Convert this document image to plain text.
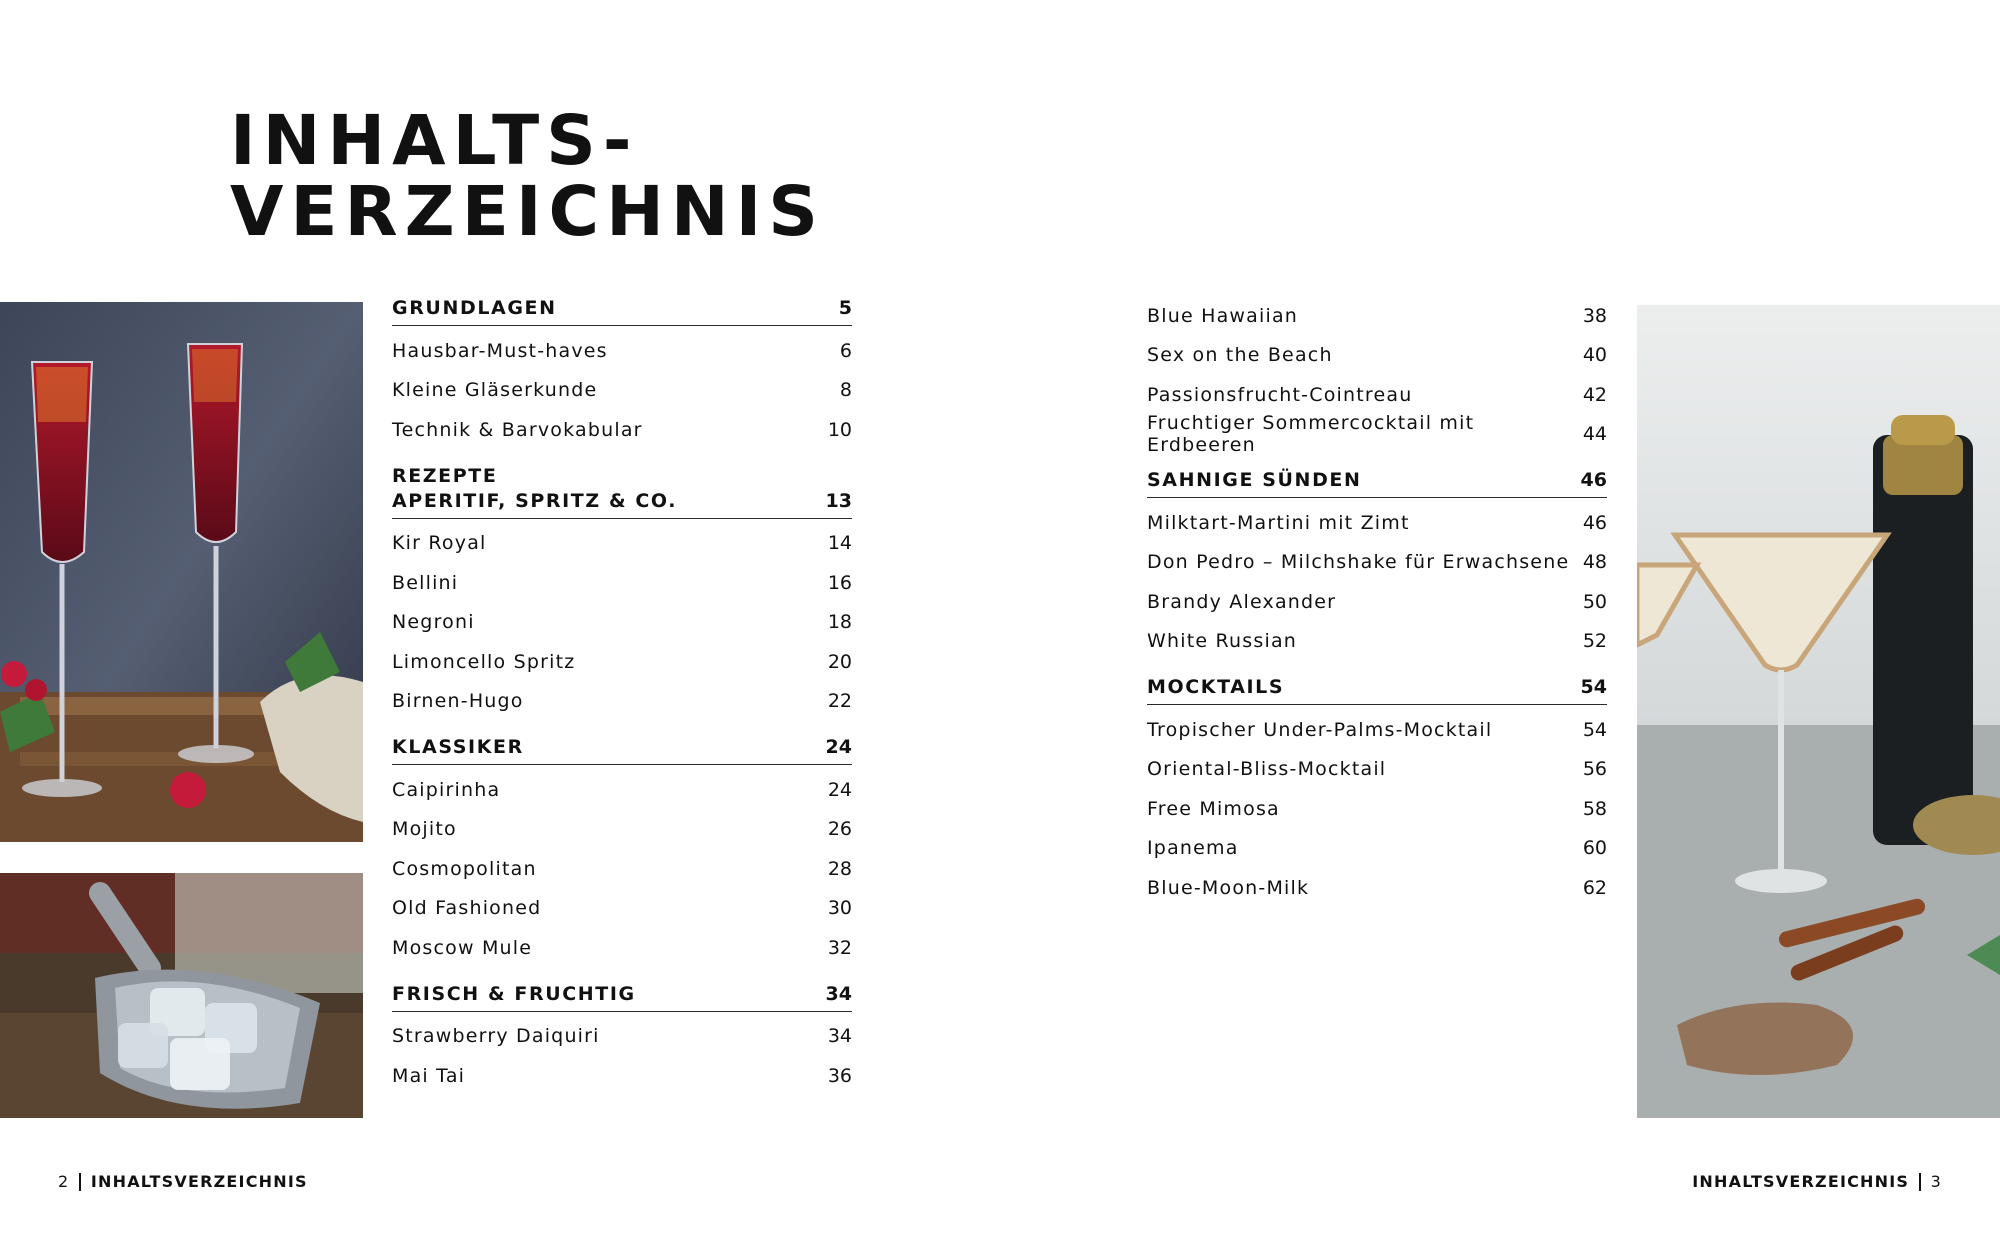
INHALTS-
VERZEICHNIS
GRUNDLAGEN	5
Hausbar-Must-haves	6
Kleine Gläserkunde	8
Technik & Barvokabular	10
REZEPTE
APERITIF, SPRITZ & CO.	13
Kir Royal	14
Bellini	16
Negroni	18
Limoncello Spritz	20
Birnen-Hugo	22
KLASSIKER	24
Caipirinha	24
Mojito	26
Cosmopolitan	28
Old Fashioned	30
Moscow Mule	32
FRISCH & FRUCHTIG	34
Strawberry Daiquiri	34
Mai Tai	36
Blue Hawaiian	38
Sex on the Beach	40
Passionsfrucht-Cointreau	42
Fruchtiger Sommercocktail mit Erdbeeren	44
SAHNIGE SÜNDEN	46
Milktart-Martini mit Zimt	46
Don Pedro – Milchshake für Erwachsene 48
Brandy Alexander	50
White Russian	52
MOCKTAILS	54
Tropischer Under-Palms-Mocktail	54
Oriental-Bliss-Mocktail	56
Free Mimosa	58
Ipanema	60
Blue-Moon-Milk	62
2 INHALTSVERZEICHNIS	INHALTSVERZEICHNIS 3
